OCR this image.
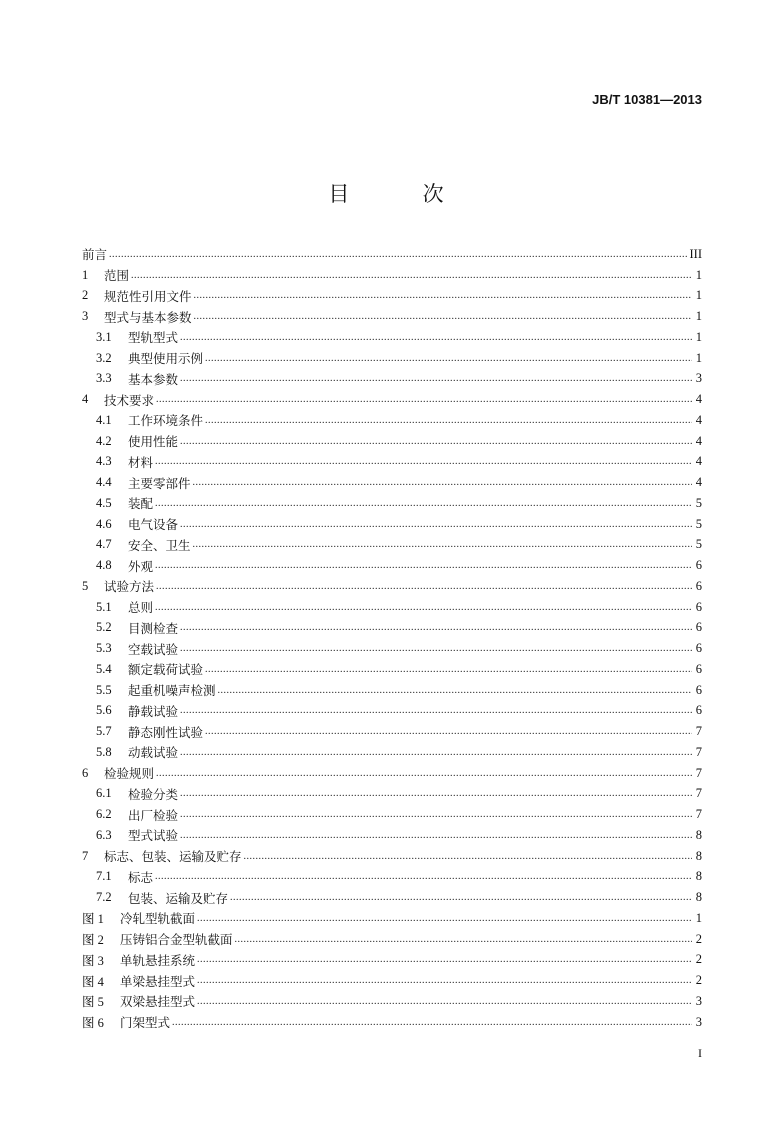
JB/T 10381—2013
目 次
前言 .....	III
1	范围 .....	1
2	规范性引用文件 .....	1
3	型式与基本参数 .....	1
3.1	型轨型式 .....	1
3.2	典型使用示例 .....	1
3.3	基本参数 .....	3
4	技术要求 .....	4
4.1	工作环境条件 .....	4
4.2	使用性能 .....	4
4.3	材料 .....	4
4.4	主要零部件 .....	4
4.5	装配 .....	5
4.6	电气设备 .....	5
4.7	安全、卫生 .....	5
4.8	外观 .....	6
5	试验方法 .....	6
5.1	总则 .....	6
5.2	目测检查 .....	6
5.3	空载试验 .....	6
5.4	额定载荷试验 .....	6
5.5	起重机噪声检测 .....	6
5.6	静载试验 .....	6
5.7	静态刚性试验 .....	7
5.8	动载试验 .....	7
6	检验规则 .....	7
6.1	检验分类 .....	7
6.2	出厂检验 .....	7
6.3	型式试验 .....	8
7	标志、包装、运输及贮存 .....	8
7.1	标志 .....	8
7.2	包装、运输及贮存 .....	8
图 1	冷轧型轨截面 .....	1
图 2	压铸铝合金型轨截面 .....	2
图 3	单轨悬挂系统 .....	2
图 4	单梁悬挂型式 .....	2
图 5	双梁悬挂型式 .....	3
图 6	门架型式 .....	3
I
